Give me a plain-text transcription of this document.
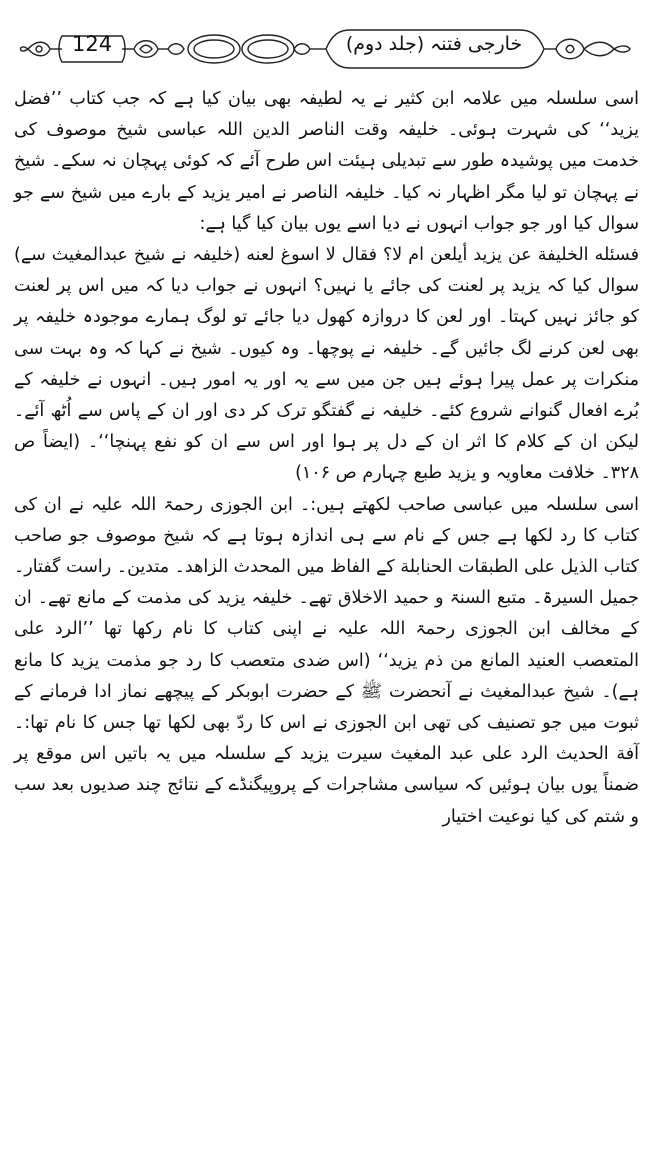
124	خارجی فتنہ (جلد دوم)

اسی سلسلہ میں علامہ ابن کثیر نے یہ لطیفہ بھی بیان کیا ہے کہ جب کتاب ’’فضل یزید‘‘ کی شہرت ہوئی۔ خلیفہ وقت الناصر الدین اللہ عباسی شیخ موصوف کی خدمت میں پوشیدہ طور سے تبدیلی ہیئت اس طرح آئے کہ کوئی پہچان نہ سکے۔ شیخ نے پہچان تو لیا مگر اظہار نہ کیا۔ خلیفہ الناصر نے امیر یزید کے بارے میں شیخ سے جو سوال کیا اور جو جواب انہوں نے دیا اسے یوں بیان کیا گیا ہے:

فسئله الخليفة عن يزيد أيلعن ام لا؟ فقال لا اسوغ لعنه (خلیفہ نے شیخ عبدالمغیث سے) سوال کیا کہ یزید پر لعنت کی جائے یا نہیں؟ انہوں نے جواب دیا کہ میں اس پر لعنت کو جائز نہیں کہتا۔ اور لعن کا دروازہ کھول دیا جائے تو لوگ ہمارے موجودہ خلیفہ پر بھی لعن کرنے لگ جائیں گے۔ خلیفہ نے پوچھا۔ وہ کیوں۔ شیخ نے کہا کہ وہ بہت سی منکرات پر عمل پیرا ہوئے ہیں جن میں سے یہ اور یہ امور ہیں۔ انہوں نے خلیفہ کے بُرے افعال گنوانے شروع کئے۔ خلیفہ نے گفتگو ترک کر دی اور ان کے پاس سے اُٹھ آئے۔ لیکن ان کے کلام کا اثر ان کے دل پر ہوا اور اس سے ان کو نفع پہنچا‘‘۔ (ایضاً ص ۳۲۸۔ خلافت معاویہ و یزید طبع چہارم ص ۱۰۶)

اسی سلسلہ میں عباسی صاحب لکھتے ہیں:۔ ابن الجوزی رحمۃ اللہ علیہ نے ان کی کتاب کا رد لکھا ہے جس کے نام سے ہی اندازہ ہوتا ہے کہ شیخ موصوف جو صاحب کتاب الذيل على الطبقات الحنابلة کے الفاظ میں المحدث الزاهد۔ متدین۔ راست گفتار۔ جمیل السیرۃ۔ متبع السنۃ و حمید الاخلاق تھے۔ خلیفہ یزید کی مذمت کے مانع تھے۔ ان کے مخالف ابن الجوزی رحمۃ اللہ علیہ نے اپنی کتاب کا نام رکھا تھا ’’الرد على المتعصب العنيد المانع من ذم يزيد‘‘ (اس ضدی متعصب کا رد جو مذمت یزید کا مانع ہے)۔ شیخ عبدالمغیث نے آنحضرت ﷺ کے حضرت ابوبکر کے پیچھے نماز ادا فرمانے کے ثبوت میں جو تصنیف کی تھی ابن الجوزی نے اس کا ردّ بھی لکھا تھا جس کا نام تھا:۔ آفة الحديث الرد على عبد المغيث سیرت یزید کے سلسلہ میں یہ باتیں اس موقع پر ضمناً یوں بیان ہوئیں کہ سیاسی مشاجرات کے پروپیگنڈے کے نتائج چند صدیوں بعد سب و شتم کی کیا نوعیت اختیار
